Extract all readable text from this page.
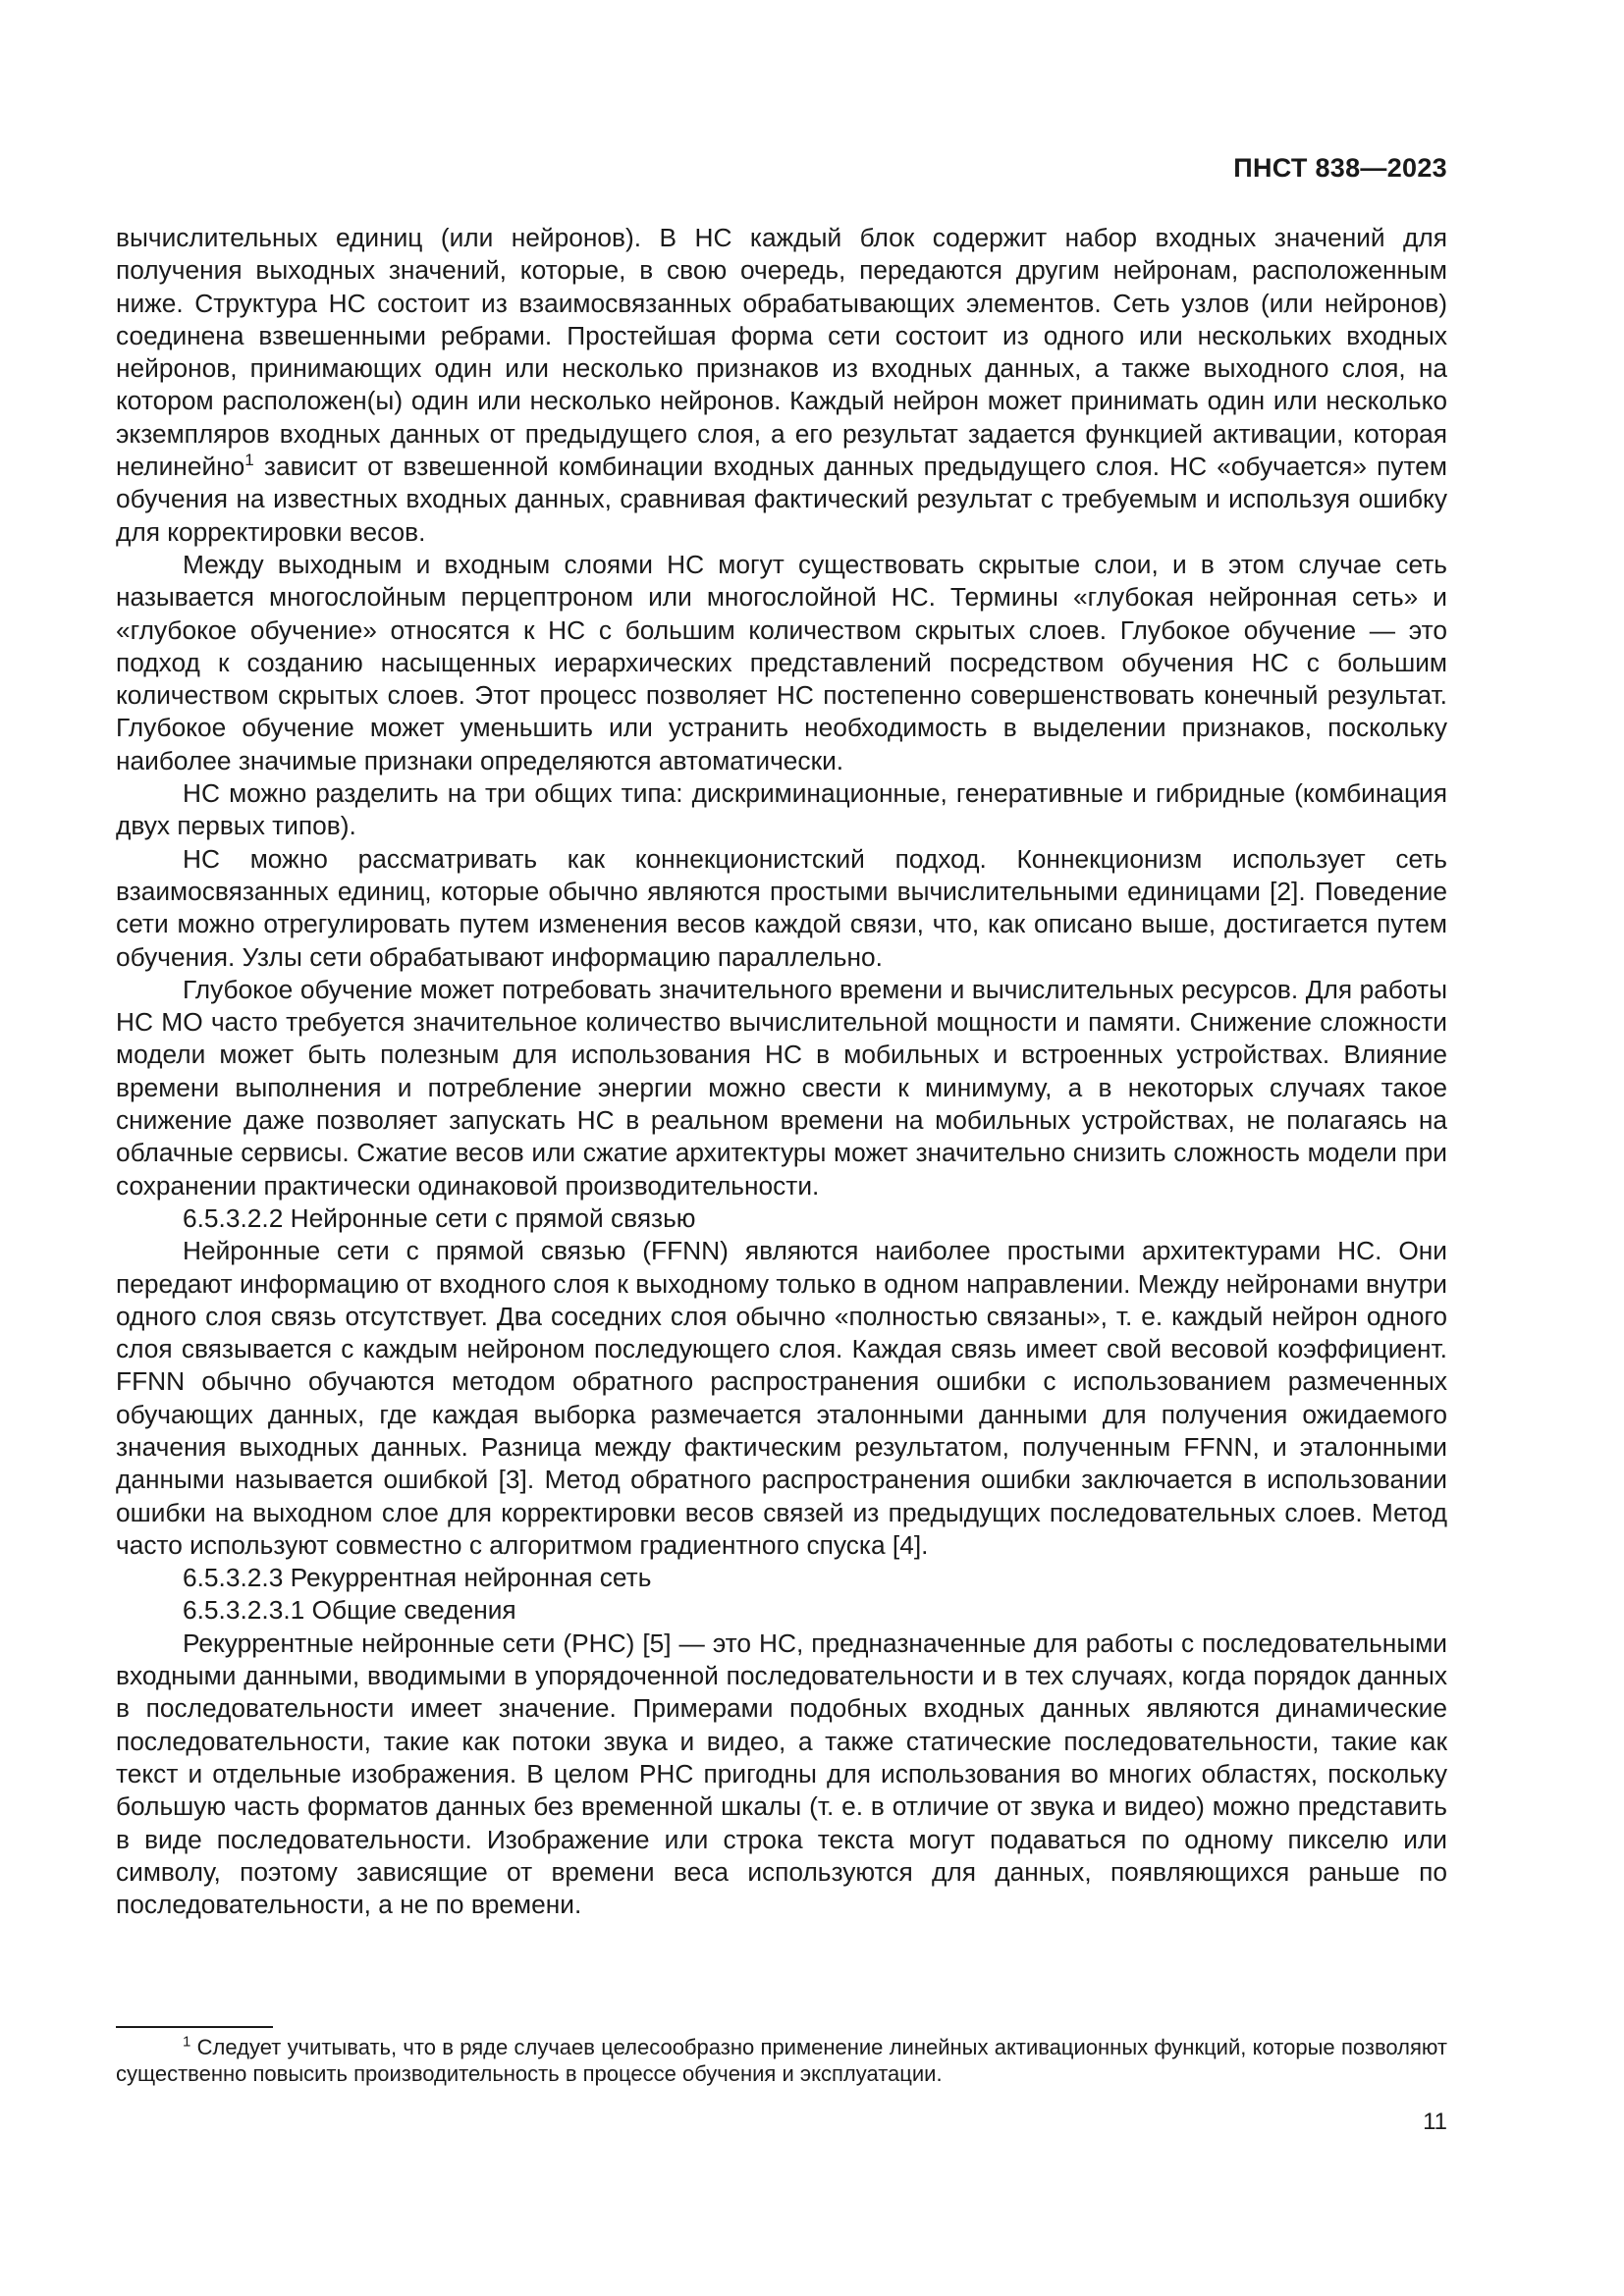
ПНСТ 838—2023

вычислительных единиц (или нейронов). В НС каждый блок содержит набор входных значений для получения выходных значений, которые, в свою очередь, передаются другим нейронам, расположенным ниже. Структура НС состоит из взаимосвязанных обрабатывающих элементов. Сеть узлов (или нейронов) соединена взвешенными ребрами. Простейшая форма сети состоит из одного или нескольких входных нейронов, принимающих один или несколько признаков из входных данных, а также выходного слоя, на котором расположен(ы) один или несколько нейронов. Каждый нейрон может принимать один или несколько экземпляров входных данных от предыдущего слоя, а его результат задается функцией активации, которая нелинейно$^1$ зависит от взвешенной комбинации входных данных предыдущего слоя. НС «обучается» путем обучения на известных входных данных, сравнивая фактический результат с требуемым и используя ошибку для корректировки весов.

Между выходным и входным слоями НС могут существовать скрытые слои, и в этом случае сеть называется многослойным перцептроном или многослойной НС. Термины «глубокая нейронная сеть» и «глубокое обучение» относятся к НС с большим количеством скрытых слоев. Глубокое обучение — это подход к созданию насыщенных иерархических представлений посредством обучения НС с большим количеством скрытых слоев. Этот процесс позволяет НС постепенно совершенствовать конечный результат. Глубокое обучение может уменьшить или устранить необходимость в выделении признаков, поскольку наиболее значимые признаки определяются автоматически.

НС можно разделить на три общих типа: дискриминационные, генеративные и гибридные (комбинация двух первых типов).

НС можно рассматривать как коннекционистский подход. Коннекционизм использует сеть взаимосвязанных единиц, которые обычно являются простыми вычислительными единицами [2]. Поведение сети можно отрегулировать путем изменения весов каждой связи, что, как описано выше, достигается путем обучения. Узлы сети обрабатывают информацию параллельно.

Глубокое обучение может потребовать значительного времени и вычислительных ресурсов. Для работы НС МО часто требуется значительное количество вычислительной мощности и памяти. Снижение сложности модели может быть полезным для использования НС в мобильных и встроенных устройствах. Влияние времени выполнения и потребление энергии можно свести к минимуму, а в некоторых случаях такое снижение даже позволяет запускать НС в реальном времени на мобильных устройствах, не полагаясь на облачные сервисы. Сжатие весов или сжатие архитектуры может значительно снизить сложность модели при сохранении практически одинаковой производительности.

6.5.3.2.2 Нейронные сети с прямой связью

Нейронные сети с прямой связью (FFNN) являются наиболее простыми архитектурами НС. Они передают информацию от входного слоя к выходному только в одном направлении. Между нейронами внутри одного слоя связь отсутствует. Два соседних слоя обычно «полностью связаны», т. е. каждый нейрон одного слоя связывается с каждым нейроном последующего слоя. Каждая связь имеет свой весовой коэффициент. FFNN обычно обучаются методом обратного распространения ошибки с использованием размеченных обучающих данных, где каждая выборка размечается эталонными данными для получения ожидаемого значения выходных данных. Разница между фактическим результатом, полученным FFNN, и эталонными данными называется ошибкой [3]. Метод обратного распространения ошибки заключается в использовании ошибки на выходном слое для корректировки весов связей из предыдущих последовательных слоев. Метод часто используют совместно с алгоритмом градиентного спуска [4].

6.5.3.2.3 Рекуррентная нейронная сеть

6.5.3.2.3.1 Общие сведения

Рекуррентные нейронные сети (РНС) [5] — это НС, предназначенные для работы с последовательными входными данными, вводимыми в упорядоченной последовательности и в тех случаях, когда порядок данных в последовательности имеет значение. Примерами подобных входных данных являются динамические последовательности, такие как потоки звука и видео, а также статические последовательности, такие как текст и отдельные изображения. В целом РНС пригодны для использования во многих областях, поскольку большую часть форматов данных без временной шкалы (т. е. в отличие от звука и видео) можно представить в виде последовательности. Изображение или строка текста могут подаваться по одному пикселю или символу, поэтому зависящие от времени веса используются для данных, появляющихся раньше по последовательности, а не по времени.

$^1$ Следует учитывать, что в ряде случаев целесообразно применение линейных активационных функций, которые позволяют существенно повысить производительность в процессе обучения и эксплуатации.
11
